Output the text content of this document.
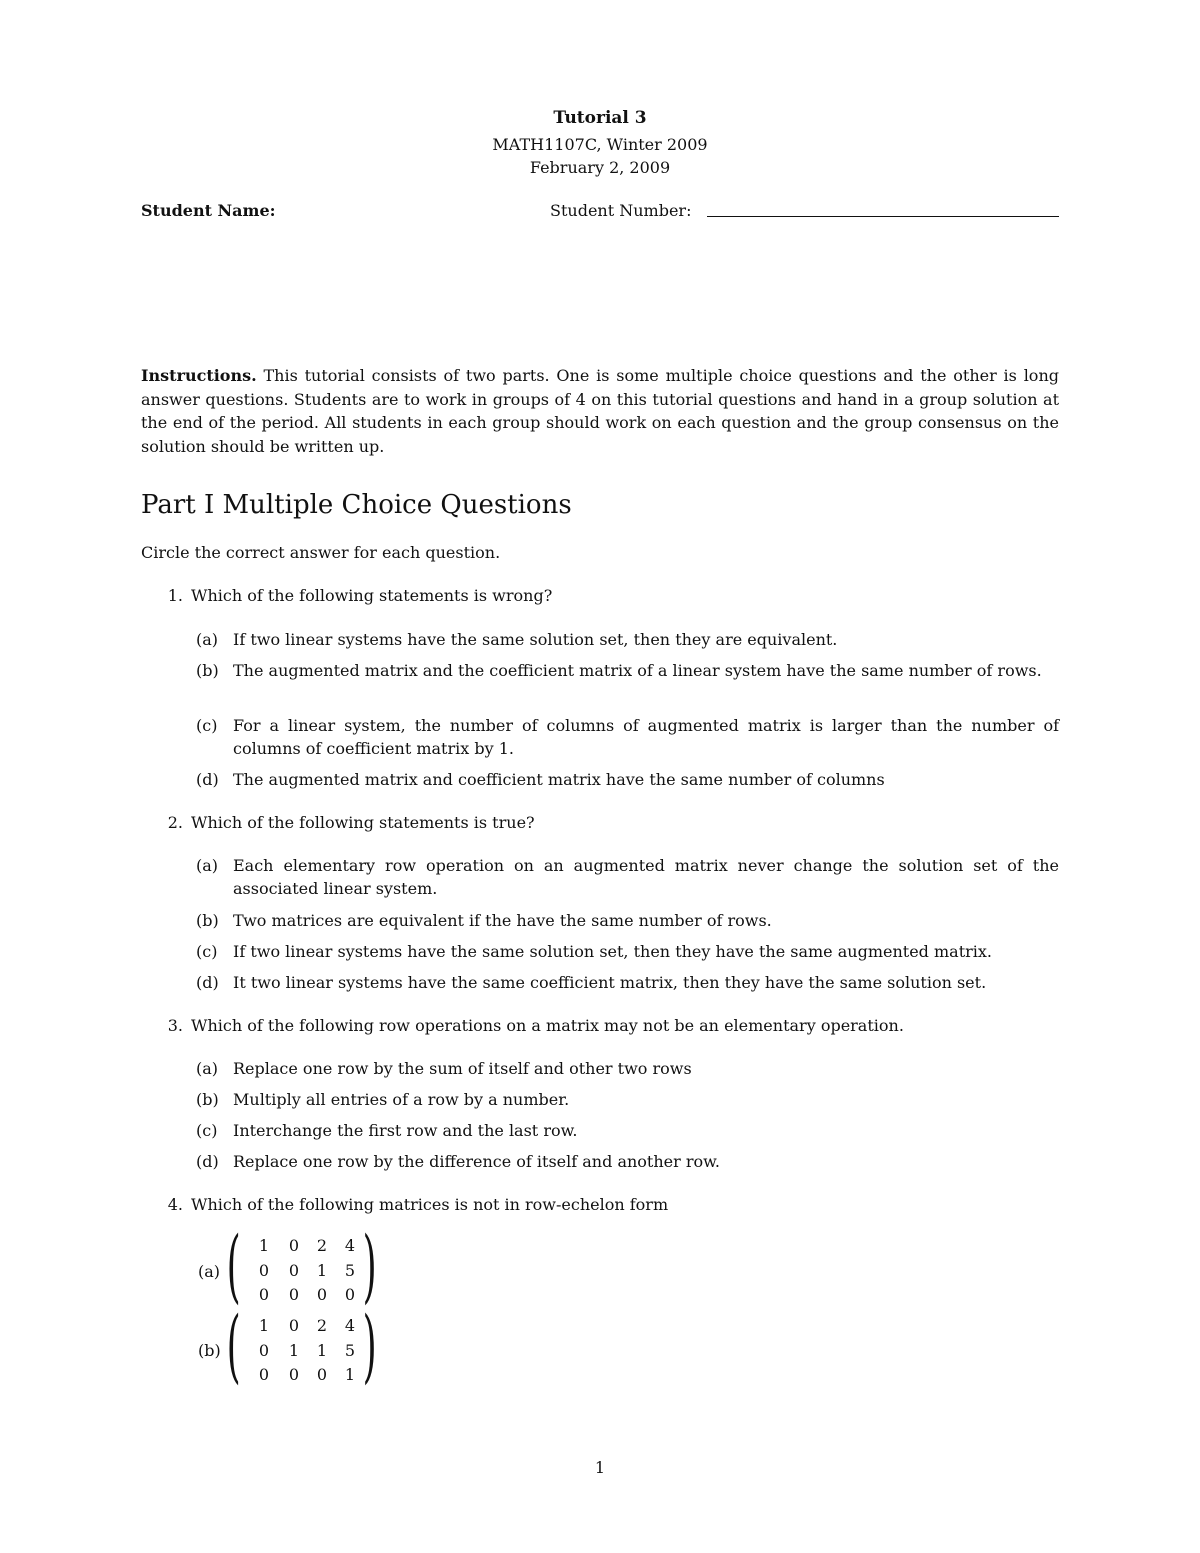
Tutorial 3
MATH1107C, Winter 2009
February 2, 2009
Student Name:	Student Number:
Instructions. This tutorial consists of two parts. One is some multiple choice questions and the other is long answer questions. Students are to work in groups of 4 on this tutorial questions and hand in a group solution at the end of the period. All students in each group should work on each question and the group consensus on the solution should be written up.
Part I Multiple Choice Questions
Circle the correct answer for each question.
1. Which of the following statements is wrong?
(a) If two linear systems have the same solution set, then they are equivalent.
(b) The augmented matrix and the coefficient matrix of a linear system have the same number of rows.
(c) For a linear system, the number of columns of augmented matrix is larger than the number of columns of coefficient matrix by 1.
(d) The augmented matrix and coefficient matrix have the same number of columns
2. Which of the following statements is true?
(a) Each elementary row operation on an augmented matrix never change the solution set of the associated linear system.
(b) Two matrices are equivalent if the have the same number of rows.
(c) If two linear systems have the same solution set, then they have the same augmented matrix.
(d) It two linear systems have the same coefficient matrix, then they have the same solution set.
3. Which of the following row operations on a matrix may not be an elementary operation.
(a) Replace one row by the sum of itself and other two rows
(b) Multiply all entries of a row by a number.
(c) Interchange the first row and the last row.
(d) Replace one row by the difference of itself and another row.
4. Which of the following matrices is not in row-echelon form
(a) ( )
1	0	2	4
0	0	1	5
0	0	0	0
(b) ( )
1	0	2	4
0	1	1	5
0	0	0	1
1
